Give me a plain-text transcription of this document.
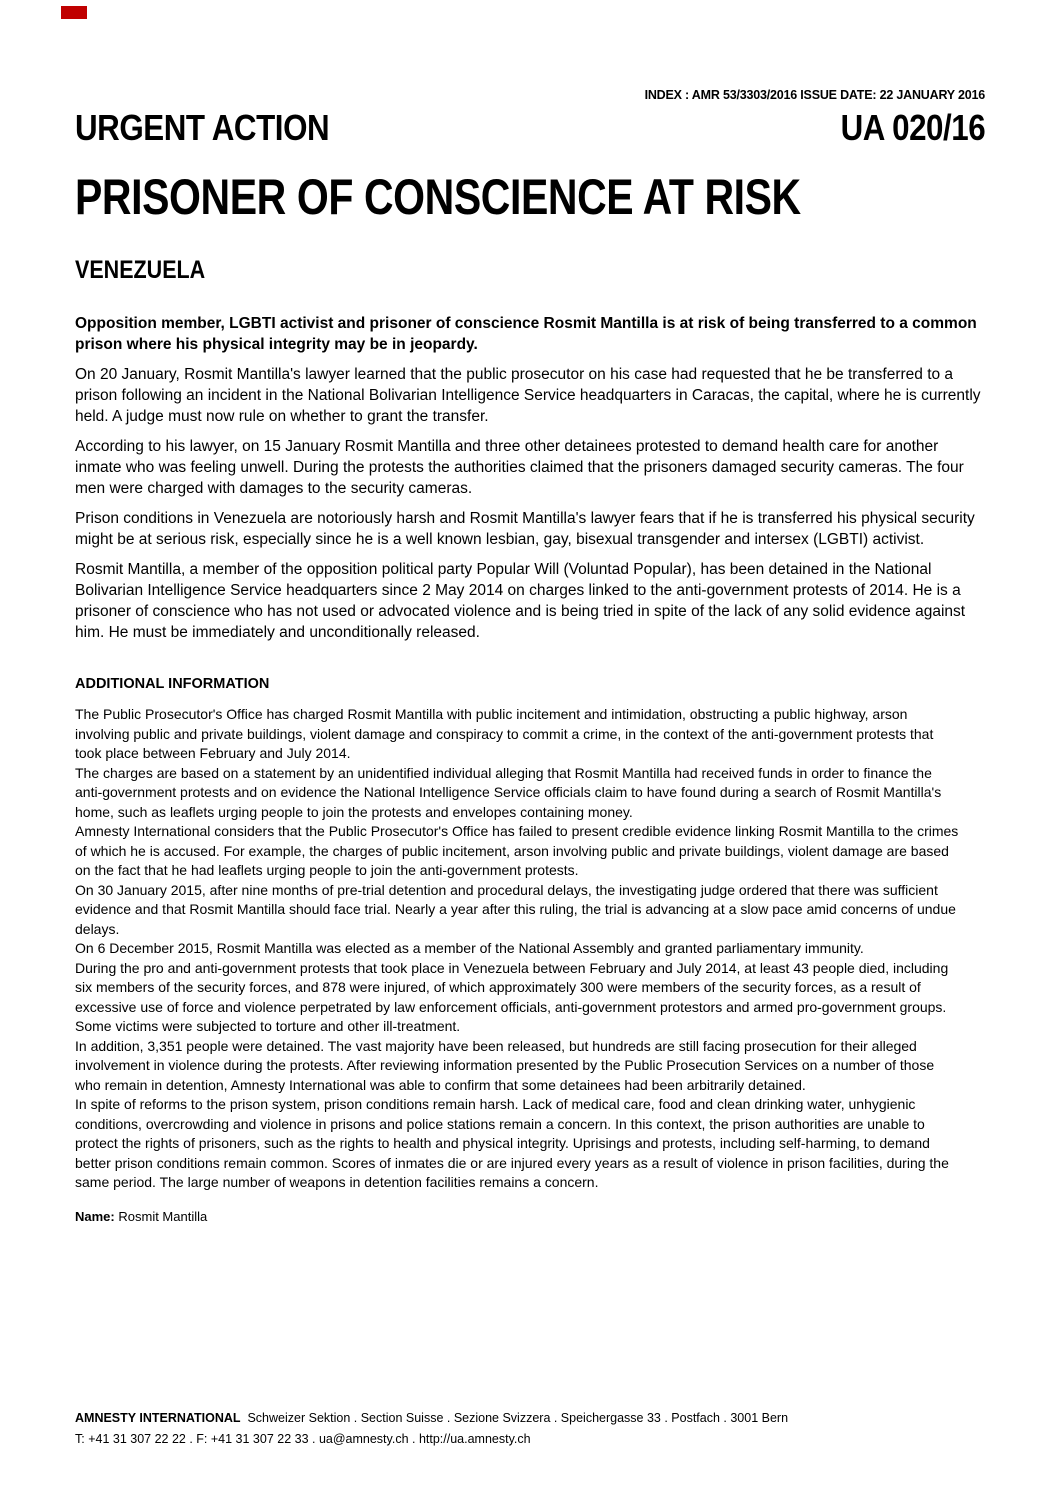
INDEX : AMR 53/3303/2016 ISSUE DATE: 22 JANUARY 2016
URGENT ACTION	UA 020/16
PRISONER OF CONSCIENCE AT RISK
VENEZUELA

Opposition member, LGBTI activist and prisoner of conscience Rosmit Mantilla is at risk of being transferred to a common prison where his physical integrity may be in jeopardy.

On 20 January, Rosmit Mantilla's lawyer learned that the public prosecutor on his case had requested that he be transferred to a prison following an incident in the National Bolivarian Intelligence Service headquarters in Caracas, the capital, where he is currently held. A judge must now rule on whether to grant the transfer.

According to his lawyer, on 15 January Rosmit Mantilla and three other detainees protested to demand health care for another inmate who was feeling unwell. During the protests the authorities claimed that the prisoners damaged security cameras. The four men were charged with damages to the security cameras.

Prison conditions in Venezuela are notoriously harsh and Rosmit Mantilla's lawyer fears that if he is transferred his physical security might be at serious risk, especially since he is a well known lesbian, gay, bisexual transgender and intersex (LGBTI) activist.

Rosmit Mantilla, a member of the opposition political party Popular Will (Voluntad Popular), has been detained in the National Bolivarian Intelligence Service headquarters since 2 May 2014 on charges linked to the anti-government protests of 2014. He is a prisoner of conscience who has not used or advocated violence and is being tried in spite of the lack of any solid evidence against him. He must be immediately and unconditionally released.

ADDITIONAL INFORMATION

The Public Prosecutor's Office has charged Rosmit Mantilla with public incitement and intimidation, obstructing a public highway, arson involving public and private buildings, violent damage and conspiracy to commit a crime, in the context of the anti-government protests that took place between February and July 2014.

The charges are based on a statement by an unidentified individual alleging that Rosmit Mantilla had received funds in order to finance the anti-government protests and on evidence the National Intelligence Service officials claim to have found during a search of Rosmit Mantilla's home, such as leaflets urging people to join the protests and envelopes containing money.

Amnesty International considers that the Public Prosecutor's Office has failed to present credible evidence linking Rosmit Mantilla to the crimes of which he is accused. For example, the charges of public incitement, arson involving public and private buildings, violent damage are based on the fact that he had leaflets urging people to join the anti-government protests.

On 30 January 2015, after nine months of pre-trial detention and procedural delays, the investigating judge ordered that there was sufficient evidence and that Rosmit Mantilla should face trial. Nearly a year after this ruling, the trial is advancing at a slow pace amid concerns of undue delays.

On 6 December 2015, Rosmit Mantilla was elected as a member of the National Assembly and granted parliamentary immunity.

During the pro and anti-government protests that took place in Venezuela between February and July 2014, at least 43 people died, including six members of the security forces, and 878 were injured, of which approximately 300 were members of the security forces, as a result of excessive use of force and violence perpetrated by law enforcement officials, anti-government protestors and armed pro-government groups. Some victims were subjected to torture and other ill-treatment.

In addition, 3,351 people were detained. The vast majority have been released, but hundreds are still facing prosecution for their alleged involvement in violence during the protests. After reviewing information presented by the Public Prosecution Services on a number of those who remain in detention, Amnesty International was able to confirm that some detainees had been arbitrarily detained.

In spite of reforms to the prison system, prison conditions remain harsh. Lack of medical care, food and clean drinking water, unhygienic conditions, overcrowding and violence in prisons and police stations remain a concern. In this context, the prison authorities are unable to protect the rights of prisoners, such as the rights to health and physical integrity. Uprisings and protests, including self-harming, to demand better prison conditions remain common. Scores of inmates die or are injured every years as a result of violence in prison facilities, during the same period. The large number of weapons in detention facilities remains a concern.

Name: Rosmit Mantilla

AMNESTY INTERNATIONAL Schweizer Sektion . Section Suisse . Sezione Svizzera . Speichergasse 33 . Postfach . 3001 Bern

T: +41 31 307 22 22 . F: +41 31 307 22 33 . ua@amnesty.ch . http://ua.amnesty.ch
